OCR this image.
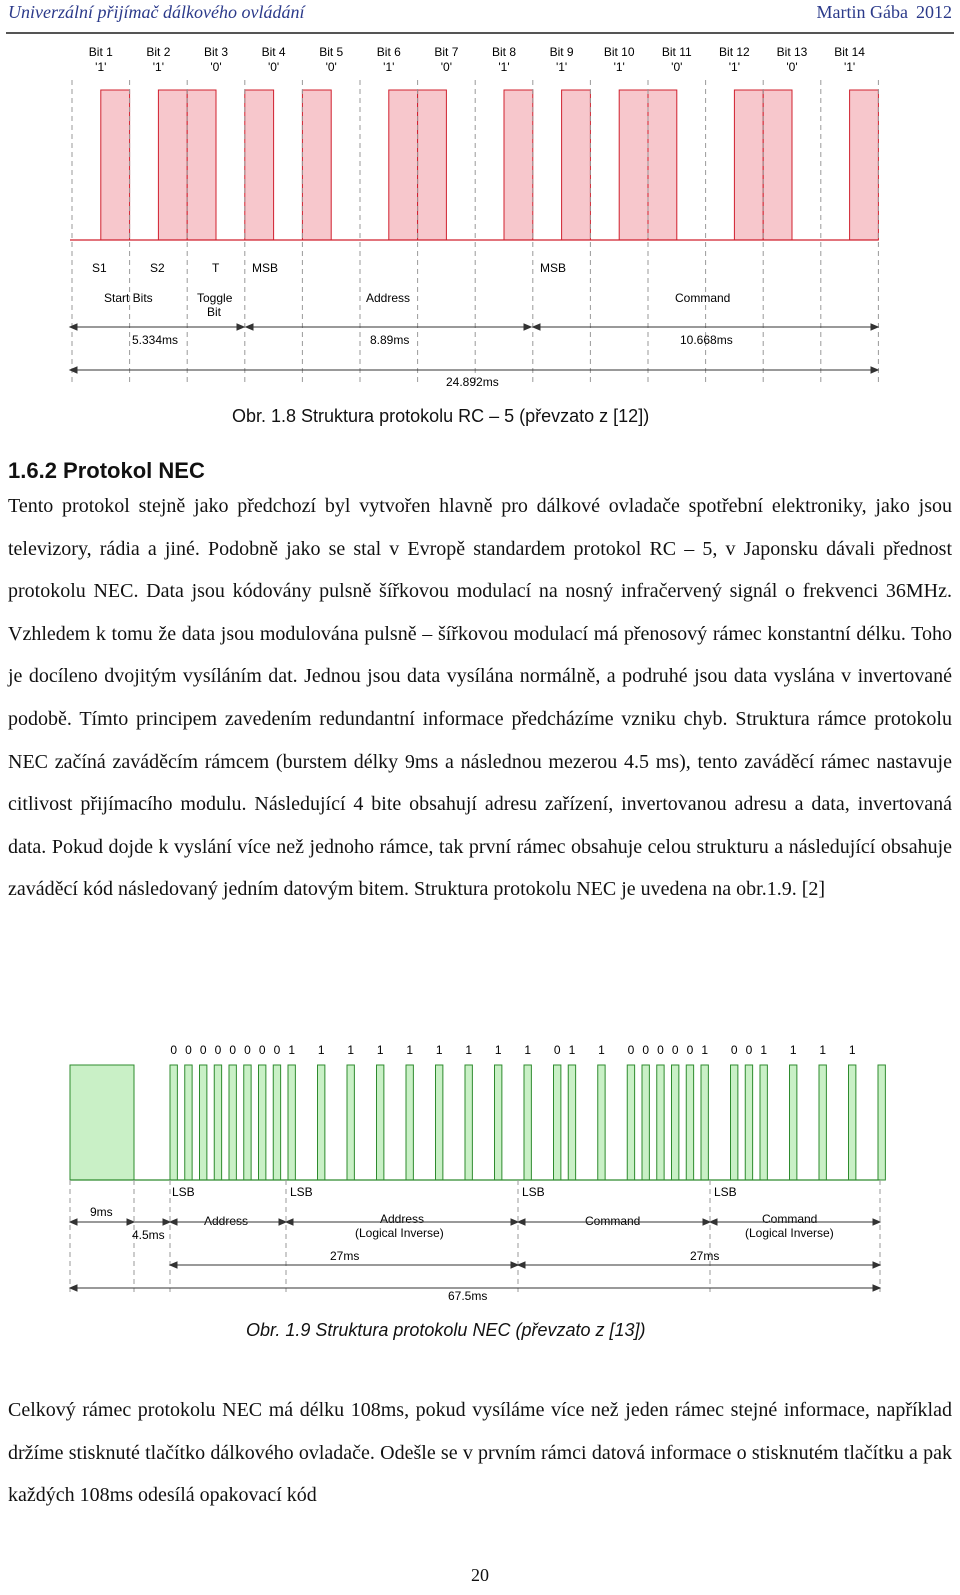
Univerzální přijímač dálkového ovládání	Martin Gába 2012
Bit 1
'1'
Bit 2
'1'
Bit 3
'0'
Bit 4
'0'
Bit 5
'0'
Bit 6
'1'
Bit 7
'0'
Bit 8
'1'
Bit 9
'1'
Bit 10
'1'
Bit 11
'0'
Bit 12
'1'
Bit 13
'0'
Bit 14
'1'
S1	S2	T	MSB	MSB
Start Bits	Toggle
Bit
Address	Command
5.334ms	8.89ms	10.668ms
24.892ms
Obr. 1.8 Struktura protokolu RC – 5 (převzato z [12])
1.6.2 Protokol NEC

Tento protokol stejně jako předchozí byl vytvořen hlavně pro dálkové ovladače spotřební elektroniky, jako jsou televizory, rádia a jiné. Podobně jako se stal v Evropě standardem protokol RC – 5, v Japonsku dávali přednost protokolu NEC. Data jsou kódovány pulsně šířkovou modulací na nosný infračervený signál o frekvenci 36MHz. Vzhledem k tomu že data jsou modulována pulsně – šířkovou modulací má přenosový rámec konstantní délku. Toho je docíleno dvojitým vysíláním dat. Jednou jsou data vysílána normálně, a podruhé jsou data vyslána v invertované podobě. Tímto principem zavedením redundantní informace předcházíme vzniku chyb. Struktura rámce protokolu NEC začíná zaváděcím rámcem (burstem délky 9ms a následnou mezerou 4.5 ms), tento zaváděcí rámec nastavuje citlivost přijímacího modulu. Následující 4 bite obsahují adresu zařízení, invertovanou adresu a data, invertovaná data. Pokud dojde k vyslání více než jednoho rámce, tak první rámec obsahuje celou strukturu a následující obsahuje zaváděcí kód následovaný jedním datovým bitem. Struktura protokolu NEC je uvedena na obr.1.9. [2]

0 0 0 0 0 0 0 0 1 1 1 1 1 1 1 1 1 0 1 1 0 0 0 0 0 1 0 0 1 1 1 1
LSB	LSB	LSB	LSB
9ms
4.5ms
Address	Address
(Logical Inverse)
Command	Command
(Logical Inverse)
27ms	27ms
67.5ms
Obr. 1.9 Struktura protokolu NEC (převzato z [13])

Celkový rámec protokolu NEC má délku 108ms, pokud vysíláme více než jeden rámec stejné informace, například držíme stisknuté tlačítko dálkového ovladače. Odešle se v prvním rámci datová informace o stisknutém tlačítku a pak každých 108ms odesílá opakovací kód

20
